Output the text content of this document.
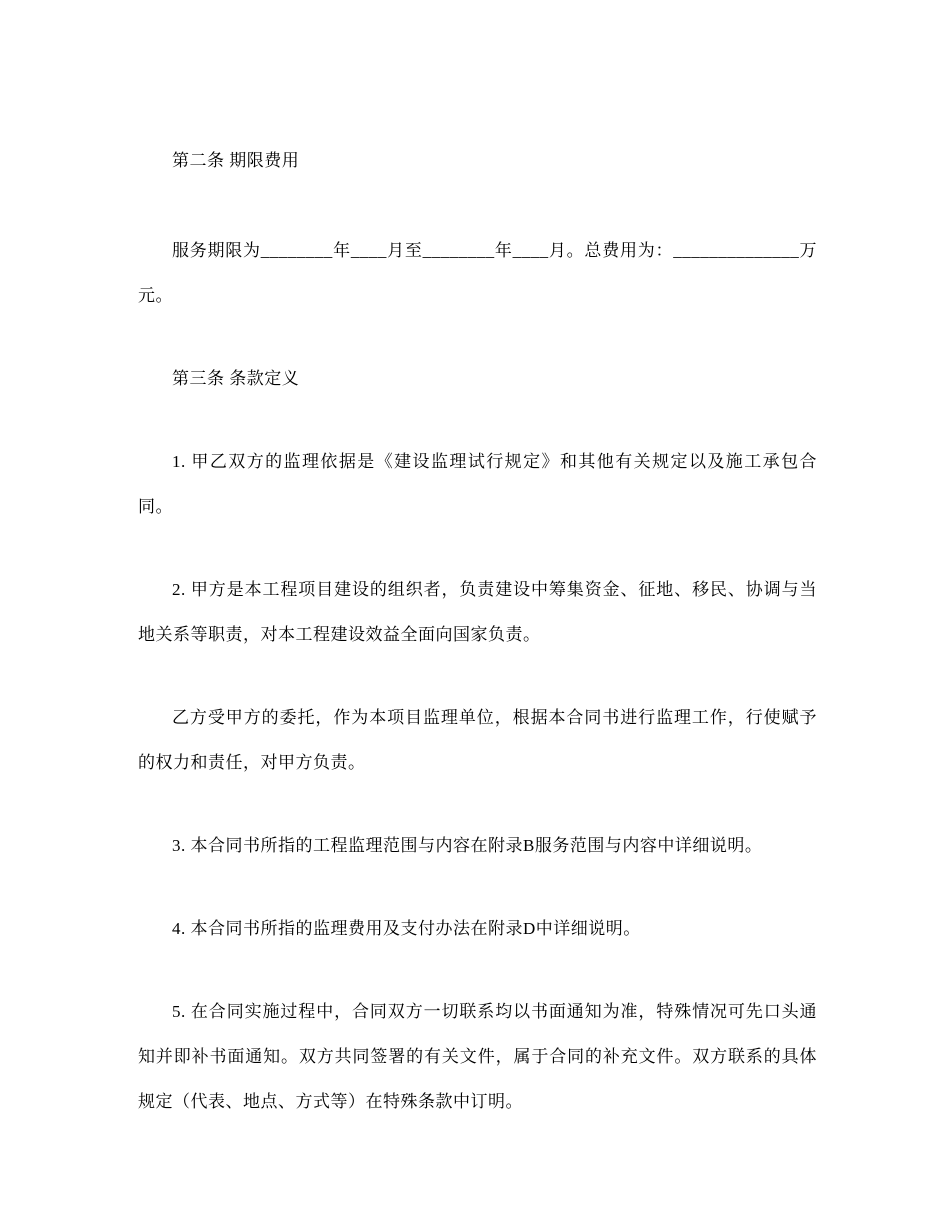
第二条 期限费用

服务期限为________年____月至________年____月。总费用为：______________万元。

第三条 条款定义

1. 甲乙双方的监理依据是《建设监理试行规定》和其他有关规定以及施工承包合同。

2. 甲方是本工程项目建设的组织者，负责建设中筹集资金、征地、移民、协调与当地关系等职责，对本工程建设效益全面向国家负责。

乙方受甲方的委托，作为本项目监理单位，根据本合同书进行监理工作，行使赋予的权力和责任，对甲方负责。

3. 本合同书所指的工程监理范围与内容在附录B服务范围与内容中详细说明。

4. 本合同书所指的监理费用及支付办法在附录D中详细说明。

5. 在合同实施过程中，合同双方一切联系均以书面通知为准，特殊情况可先口头通知并即补书面通知。双方共同签署的有关文件，属于合同的补充文件。双方联系的具体规定（代表、地点、方式等）在特殊条款中订明。
